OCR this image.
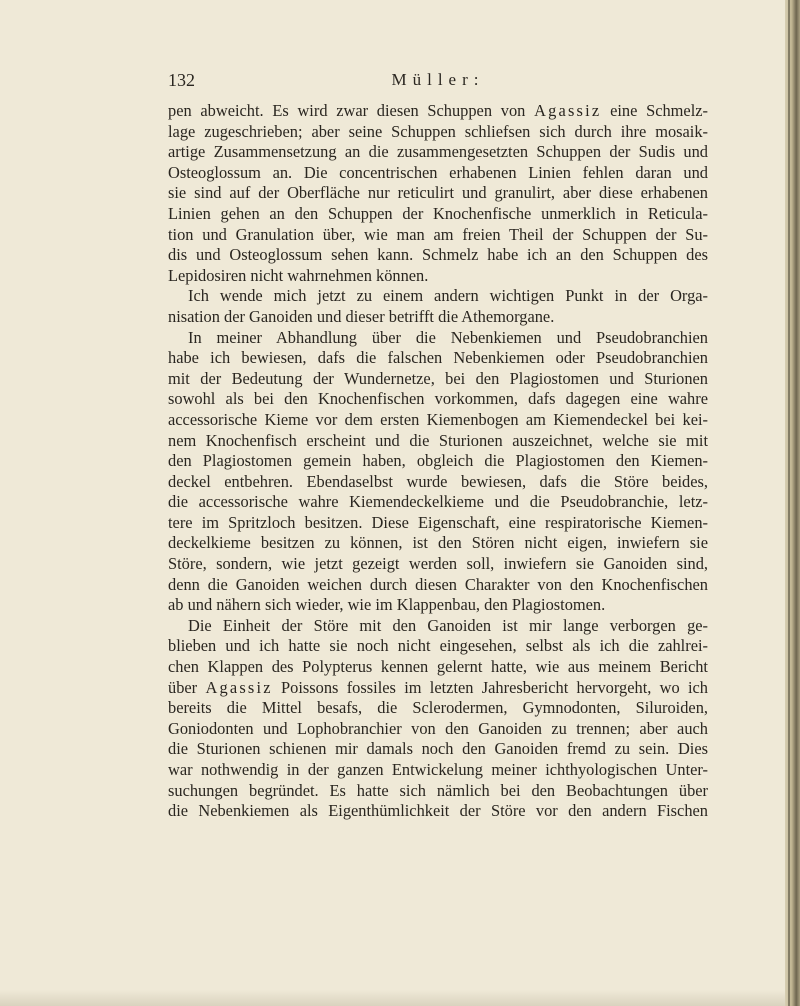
132	Müller:
pen abweicht. Es wird zwar diesen Schuppen von Agassiz eine Schmelz-
lage zugeschrieben; aber seine Schuppen schliefsen sich durch ihre mosaik-
artige Zusammensetzung an die zusammengesetzten Schuppen der Sudis und
Osteoglossum an. Die concentrischen erhabenen Linien fehlen daran und
sie sind auf der Oberfläche nur reticulirt und granulirt, aber diese erhabenen
Linien gehen an den Schuppen der Knochenfische unmerklich in Reticula-
tion und Granulation über, wie man am freien Theil der Schuppen der Su-
dis und Osteoglossum sehen kann. Schmelz habe ich an den Schuppen des
Lepidosiren nicht wahrnehmen können.
Ich wende mich jetzt zu einem andern wichtigen Punkt in der Orga-
nisation der Ganoiden und dieser betrifft die Athemorgane.
In meiner Abhandlung über die Nebenkiemen und Pseudobranchien
habe ich bewiesen, dafs die falschen Nebenkiemen oder Pseudobranchien
mit der Bedeutung der Wundernetze, bei den Plagiostomen und Sturionen
sowohl als bei den Knochenfischen vorkommen, dafs dagegen eine wahre
accessorische Kieme vor dem ersten Kiemenbogen am Kiemendeckel bei kei-
nem Knochenfisch erscheint und die Sturionen auszeichnet, welche sie mit
den Plagiostomen gemein haben, obgleich die Plagiostomen den Kiemen-
deckel entbehren. Ebendaselbst wurde bewiesen, dafs die Störe beides,
die accessorische wahre Kiemendeckelkieme und die Pseudobranchie, letz-
tere im Spritzloch besitzen. Diese Eigenschaft, eine respiratorische Kiemen-
deckelkieme besitzen zu können, ist den Stören nicht eigen, inwiefern sie
Störe, sondern, wie jetzt gezeigt werden soll, inwiefern sie Ganoiden sind,
denn die Ganoiden weichen durch diesen Charakter von den Knochenfischen
ab und nähern sich wieder, wie im Klappenbau, den Plagiostomen.
Die Einheit der Störe mit den Ganoiden ist mir lange verborgen ge-
blieben und ich hatte sie noch nicht eingesehen, selbst als ich die zahlrei-
chen Klappen des Polypterus kennen gelernt hatte, wie aus meinem Bericht
über Agassiz Poissons fossiles im letzten Jahresbericht hervorgeht, wo ich
bereits die Mittel besafs, die Sclerodermen, Gymnodonten, Siluroiden,
Goniodonten und Lophobranchier von den Ganoiden zu trennen; aber auch
die Sturionen schienen mir damals noch den Ganoiden fremd zu sein. Dies
war nothwendig in der ganzen Entwickelung meiner ichthyologischen Unter-
suchungen begründet. Es hatte sich nämlich bei den Beobachtungen über
die Nebenkiemen als Eigenthümlichkeit der Störe vor den andern Fischen
